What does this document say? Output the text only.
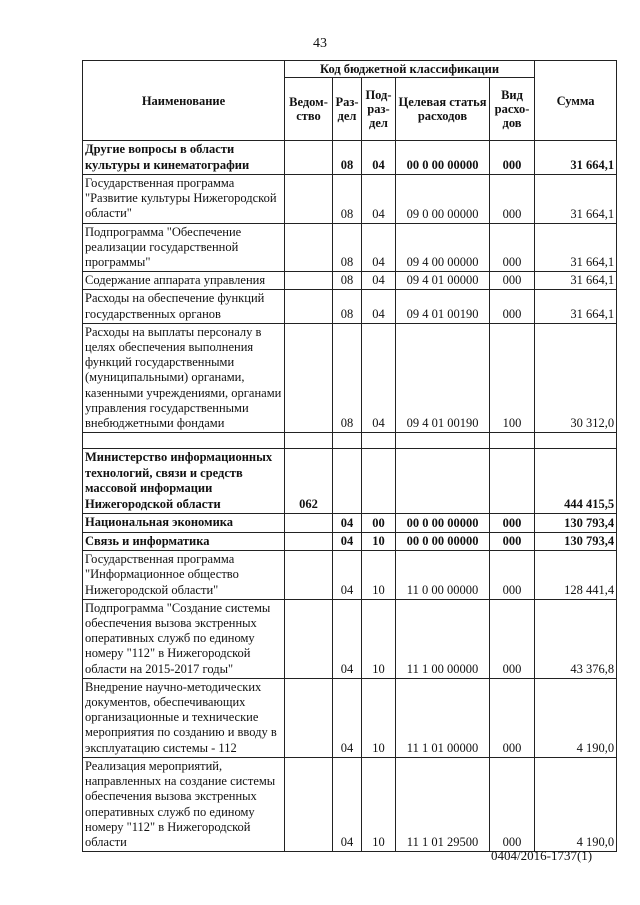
43
Наименование	Код бюджетной классификации					Сумма
	Ведом-ство	Раз-дел	Под-раз-дел	Целевая статья расходов	Вид расхо-дов	
Другие вопросы в области культуры и кинематографии		08	04	00 0 00 00000	000	31 664,1
Государственная программа "Развитие культуры Нижегородской области"		08	04	09 0 00 00000	000	31 664,1
Подпрограмма "Обеспечение реализации государственной программы"		08	04	09 4 00 00000	000	31 664,1
Содержание аппарата управления		08	04	09 4 01 00000	000	31 664,1
Расходы на обеспечение функций государственных органов		08	04	09 4 01 00190	000	31 664,1
Расходы на выплаты персоналу в целях обеспечения выполнения функций государственными (муниципальными) органами, казенными учреждениями, органами управления государственными внебюджетными фондами		08	04	09 4 01 00190	100	30 312,0

Министерство информационных технологий, связи и средств массовой информации Нижегородской области	062					444 415,5
Национальная экономика		04	00	00 0 00 00000	000	130 793,4
Связь и информатика		04	10	00 0 00 00000	000	130 793,4
Государственная программа "Информационное общество Нижегородской области"		04	10	11 0 00 00000	000	128 441,4
Подпрограмма "Создание системы обеспечения вызова экстренных оперативных служб по единому номеру "112" в Нижегородской области на 2015-2017 годы"		04	10	11 1 00 00000	000	43 376,8
Внедрение научно-методических документов, обеспечивающих организационные и технические мероприятия по созданию и вводу в эксплуатацию системы - 112		04	10	11 1 01 00000	000	4 190,0
Реализация мероприятий, направленных на создание системы обеспечения вызова экстренных оперативных служб по единому номеру "112" в Нижегородской области		04	10	11 1 01 29500	000	4 190,0
0404/2016-1737(1)
